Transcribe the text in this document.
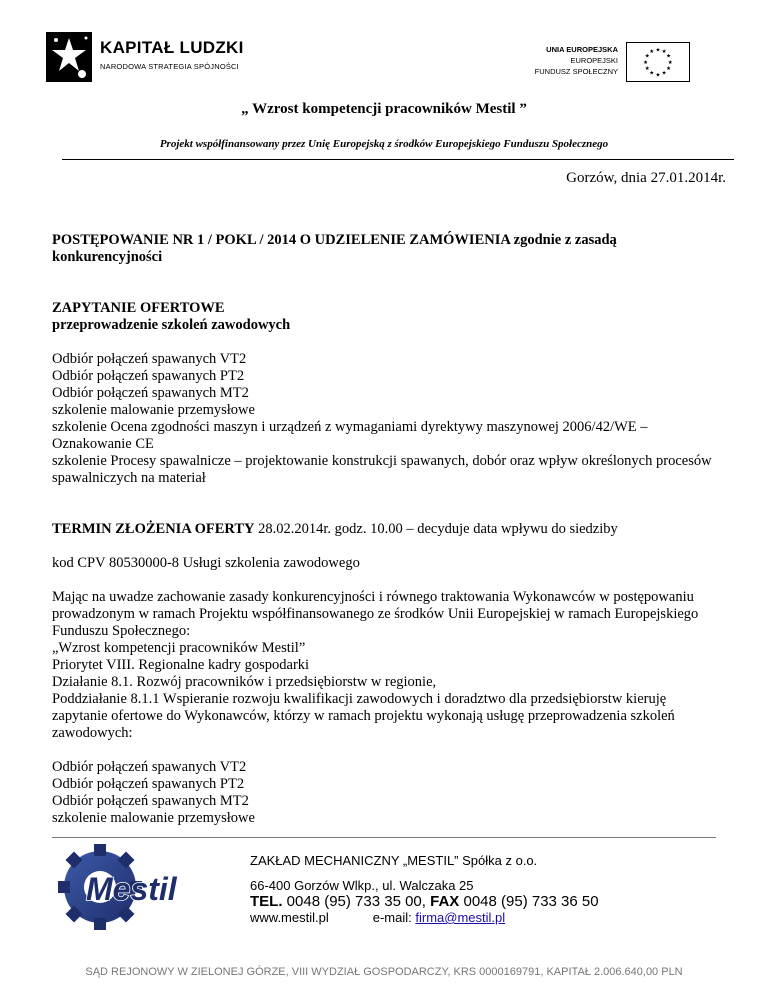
KAPITAŁ LUDZKI
NARODOWA STRATEGIA SPÓJNOŚCI
UNIA EUROPEJSKA
EUROPEJSKI
FUNDUSZ SPOŁECZNY
★
★
★
★
★
★
★
★
★ ★ ★
★
„ Wzrost kompetencji pracowników Mestil ”
Projekt współfinansowany przez Unię Europejską z środków Europejskiego Funduszu Społecznego
Gorzów, dnia 27.01.2014r.

POSTĘPOWANIE NR 1 / POKL / 2014 O UDZIELENIE ZAMÓWIENIA zgodnie z zasadą konkurencyjności

ZAPYTANIE OFERTOWE

przeprowadzenie szkoleń zawodowych

Odbiór połączeń spawanych VT2

Odbiór połączeń spawanych PT2

Odbiór połączeń spawanych MT2

szkolenie malowanie przemysłowe

szkolenie Ocena zgodności maszyn i urządzeń z wymaganiami dyrektywy maszynowej 2006/42/WE – Oznakowanie CE

szkolenie Procesy spawalnicze – projektowanie konstrukcji spawanych, dobór oraz wpływ określonych procesów spawalniczych na materiał

TERMIN ZŁOŻENIA OFERTY 28.02.2014r. godz. 10.00 – decyduje data wpływu do siedziby

kod CPV 80530000-8 Usługi szkolenia zawodowego

Mając na uwadze zachowanie zasady konkurencyjności i równego traktowania Wykonawców w postępowaniu prowadzonym w ramach Projektu współfinansowanego ze środków Unii Europejskiej w ramach Europejskiego Funduszu Społecznego:

„Wzrost kompetencji pracowników Mestil”

Priorytet VIII. Regionalne kadry gospodarki

Działanie 8.1. Rozwój pracowników i przedsiębiorstw w regionie,

Poddziałanie 8.1.1 Wspieranie rozwoju kwalifikacji zawodowych i doradztwo dla przedsiębiorstw kieruję zapytanie ofertowe do Wykonawców, którzy w ramach projektu wykonają usługę przeprowadzenia szkoleń zawodowych:

Odbiór połączeń spawanych VT2

Odbiór połączeń spawanych PT2

Odbiór połączeń spawanych MT2

szkolenie malowanie przemysłowe

Mestil

ZAKŁAD MECHANICZNY „MESTIL” Spółka z o.o.

66-400 Gorzów Wlkp., ul. Walczaka 25

TEL. 0048 (95) 733 35 00, FAX 0048 (95) 733 36 50

www.mestil.pl	e-mail: firma@mestil.pl

SĄD REJONOWY W ZIELONEJ GÓRZE, VIII WYDZIAŁ GOSPODARCZY, KRS 0000169791, KAPITAŁ 2.006.640,00 PLN
